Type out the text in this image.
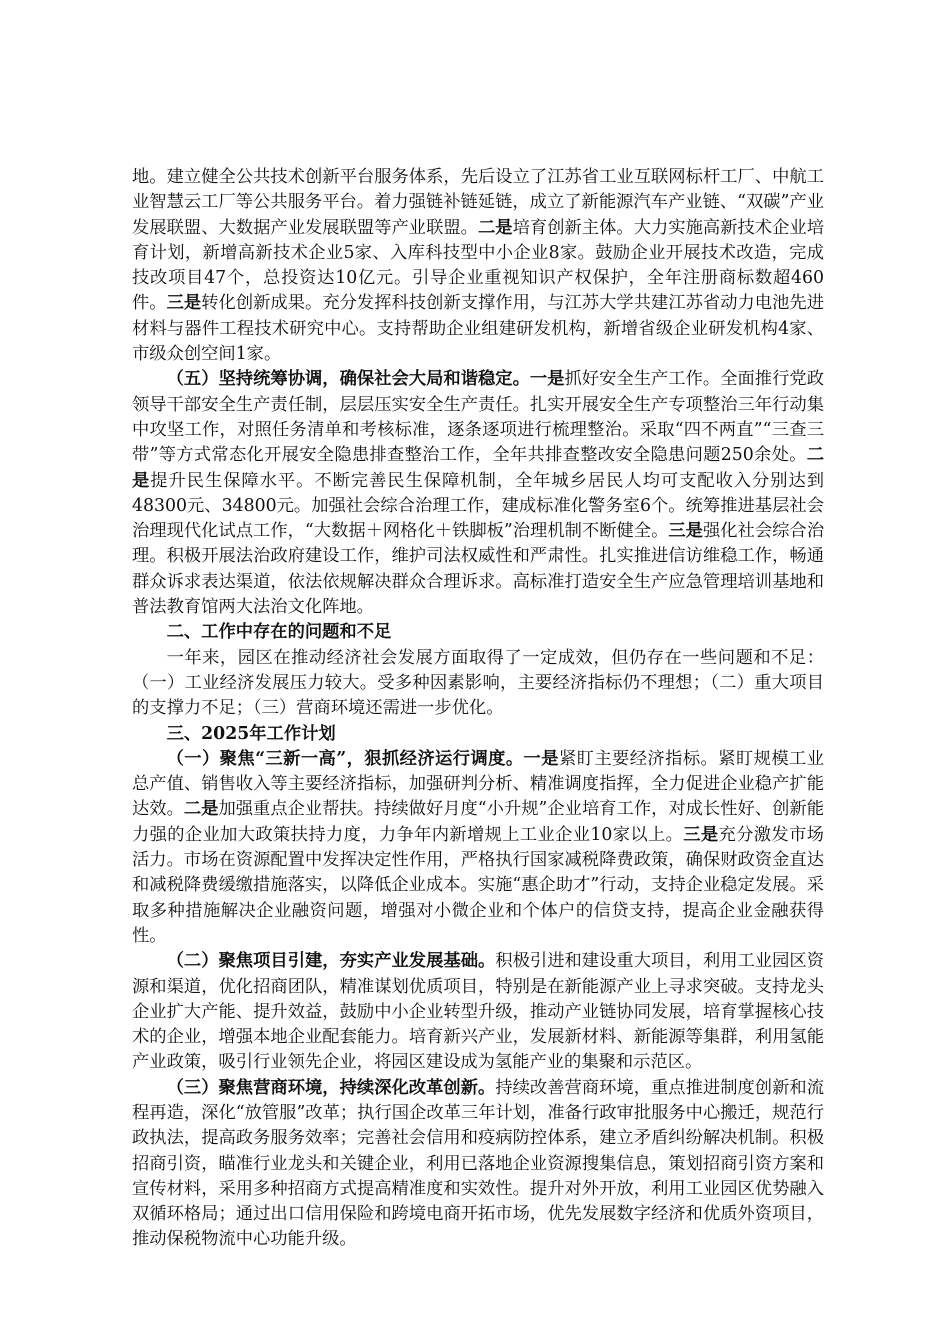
地。建立健全公共技术创新平台服务体系，先后设立了江苏省工业互联网标杆工厂、中航工业智慧云工厂等公共服务平台。着力强链补链延链，成立了新能源汽车产业链、“双碳”产业发展联盟、大数据产业发展联盟等产业联盟。二是培育创新主体。大力实施高新技术企业培育计划，新增高新技术企业5家、入库科技型中小企业8家。鼓励企业开展技术改造，完成技改项目47个，总投资达10亿元。引导企业重视知识产权保护，全年注册商标数超460件。三是转化创新成果。充分发挥科技创新支撑作用，与江苏大学共建江苏省动力电池先进材料与器件工程技术研究中心。支持帮助企业组建研发机构，新增省级企业研发机构4家、市级众创空间1家。

（五）坚持统筹协调，确保社会大局和谐稳定。一是抓好安全生产工作。全面推行党政领导干部安全生产责任制，层层压实安全生产责任。扎实开展安全生产专项整治三年行动集中攻坚工作，对照任务清单和考核标准，逐条逐项进行梳理整治。采取“四不两直”“三查三带”等方式常态化开展安全隐患排查整治工作，全年共排查整改安全隐患问题250余处。二是提升民生保障水平。不断完善民生保障机制，全年城乡居民人均可支配收入分别达到48300元、34800元。加强社会综合治理工作，建成标准化警务室6个。统筹推进基层社会治理现代化试点工作，“大数据＋网格化＋铁脚板”治理机制不断健全。三是强化社会综合治理。积极开展法治政府建设工作，维护司法权威性和严肃性。扎实推进信访维稳工作，畅通群众诉求表达渠道，依法依规解决群众合理诉求。高标准打造安全生产应急管理培训基地和普法教育馆两大法治文化阵地。

二、工作中存在的问题和不足

一年来，园区在推动经济社会发展方面取得了一定成效，但仍存在一些问题和不足：（一）工业经济发展压力较大。受多种因素影响，主要经济指标仍不理想；（二）重大项目的支撑力不足；（三）营商环境还需进一步优化。

三、2025年工作计划

（一）聚焦“三新一高”，狠抓经济运行调度。一是紧盯主要经济指标。紧盯规模工业总产值、销售收入等主要经济指标，加强研判分析、精准调度指挥，全力促进企业稳产扩能达效。二是加强重点企业帮扶。持续做好月度“小升规”企业培育工作，对成长性好、创新能力强的企业加大政策扶持力度，力争年内新增规上工业企业10家以上。三是充分激发市场活力。市场在资源配置中发挥决定性作用，严格执行国家减税降费政策，确保财政资金直达和减税降费缓缴措施落实，以降低企业成本。实施“惠企助才”行动，支持企业稳定发展。采取多种措施解决企业融资问题，增强对小微企业和个体户的信贷支持，提高企业金融获得性。

（二）聚焦项目引建，夯实产业发展基础。积极引进和建设重大项目，利用工业园区资源和渠道，优化招商团队，精准谋划优质项目，特别是在新能源产业上寻求突破。支持龙头企业扩大产能、提升效益，鼓励中小企业转型升级，推动产业链协同发展，培育掌握核心技术的企业，增强本地企业配套能力。培育新兴产业，发展新材料、新能源等集群，利用氢能产业政策，吸引行业领先企业，将园区建设成为氢能产业的集聚和示范区。

（三）聚焦营商环境，持续深化改革创新。持续改善营商环境，重点推进制度创新和流程再造，深化“放管服”改革；执行国企改革三年计划，准备行政审批服务中心搬迁，规范行政执法，提高政务服务效率；完善社会信用和疫病防控体系，建立矛盾纠纷解决机制。积极招商引资，瞄准行业龙头和关键企业，利用已落地企业资源搜集信息，策划招商引资方案和宣传材料，采用多种招商方式提高精准度和实效性。提升对外开放，利用工业园区优势融入双循环格局；通过出口信用保险和跨境电商开拓市场，优先发展数字经济和优质外资项目，推动保税物流中心功能升级。
